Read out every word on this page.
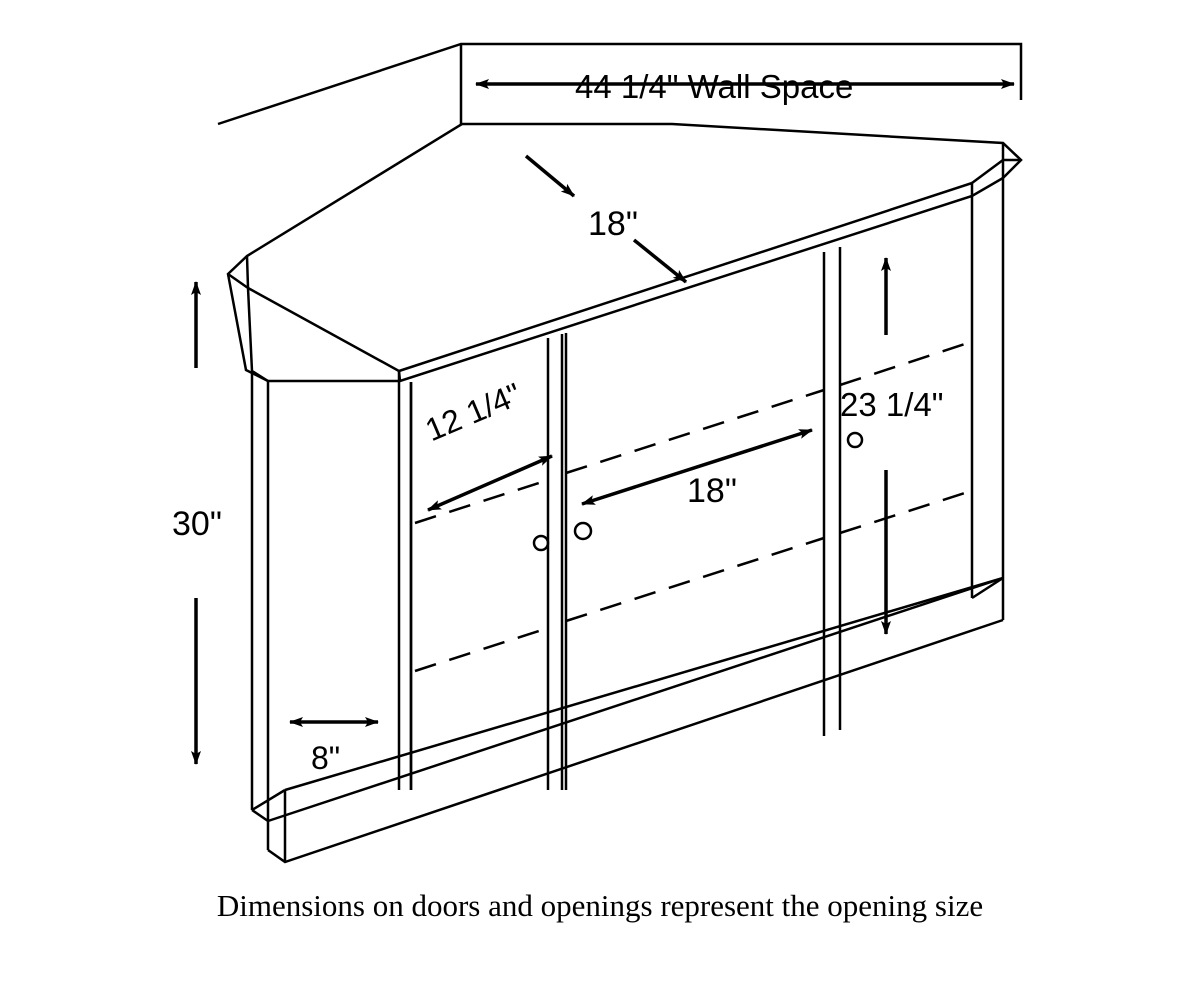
44 1/4" Wall Space
18"
30"
8"
12 1/4"
18"
23 1/4"
Dimensions on doors and openings represent the opening size
